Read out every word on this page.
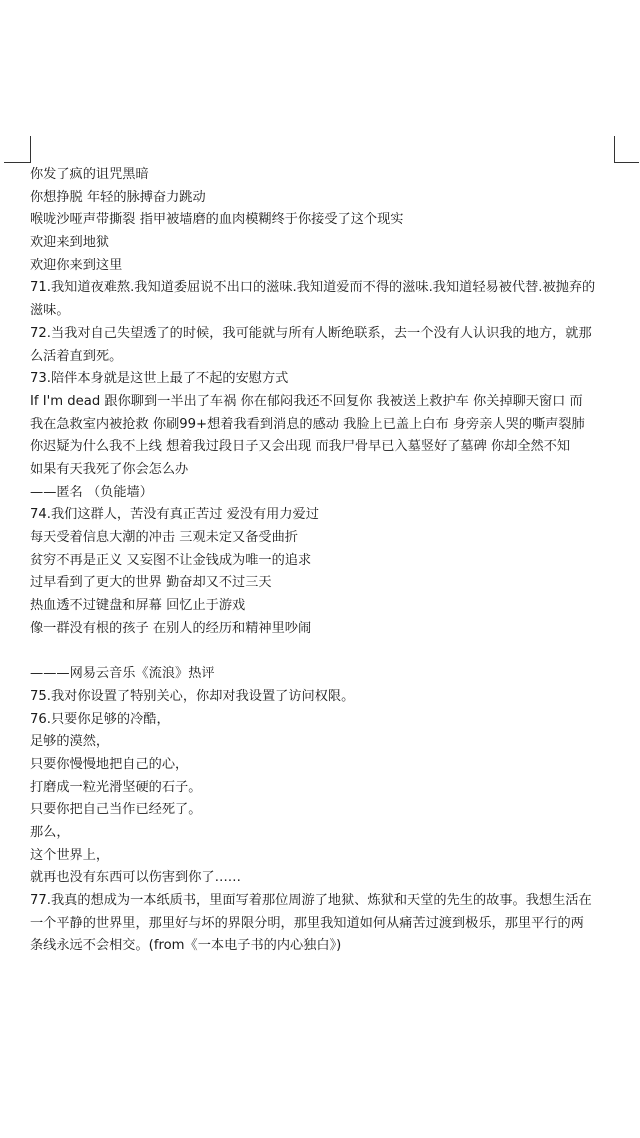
你发了疯的诅咒黑暗
你想挣脱 年轻的脉搏奋力跳动
喉咙沙哑声带撕裂 指甲被墙磨的血肉模糊终于你接受了这个现实
欢迎来到地狱
欢迎你来到这里
71.我知道夜难熬.我知道委屈说不出口的滋味.我知道爱而不得的滋味.我知道轻易被代替.被抛弃的
滋味。
72.当我对自己失望透了的时候，我可能就与所有人断绝联系，去一个没有人认识我的地方，就那
么活着直到死。
73.陪伴本身就是这世上最了不起的安慰方式
If I'm dead 跟你聊到一半出了车祸 你在郁闷我还不回复你 我被送上救护车 你关掉聊天窗口 而
我在急救室内被抢救 你刷99+想着我看到消息的感动 我脸上已盖上白布 身旁亲人哭的嘶声裂肺
你迟疑为什么我不上线 想着我过段日子又会出现 而我尸骨早已入墓竖好了墓碑 你却全然不知
如果有天我死了你会怎么办
——匿名 （负能墙）
74.我们这群人，苦没有真正苦过 爱没有用力爱过
每天受着信息大潮的冲击 三观未定又备受曲折
贫穷不再是正义 又妄图不让金钱成为唯一的追求
过早看到了更大的世界 勤奋却又不过三天
热血透不过键盘和屏幕 回忆止于游戏
像一群没有根的孩子 在别人的经历和精神里吵闹
———网易云音乐《流浪》热评
75.我对你设置了特别关心，你却对我设置了访问权限。
76.只要你足够的冷酷，
足够的漠然，
只要你慢慢地把自己的心，
打磨成一粒光滑坚硬的石子。
只要你把自己当作已经死了。
那么，
这个世界上，
就再也没有东西可以伤害到你了……
77.我真的想成为一本纸质书，里面写着那位周游了地狱、炼狱和天堂的先生的故事。我想生活在
一个平静的世界里，那里好与坏的界限分明，那里我知道如何从痛苦过渡到极乐，那里平行的两
条线永远不会相交。(from《一本电子书的内心独白》)
